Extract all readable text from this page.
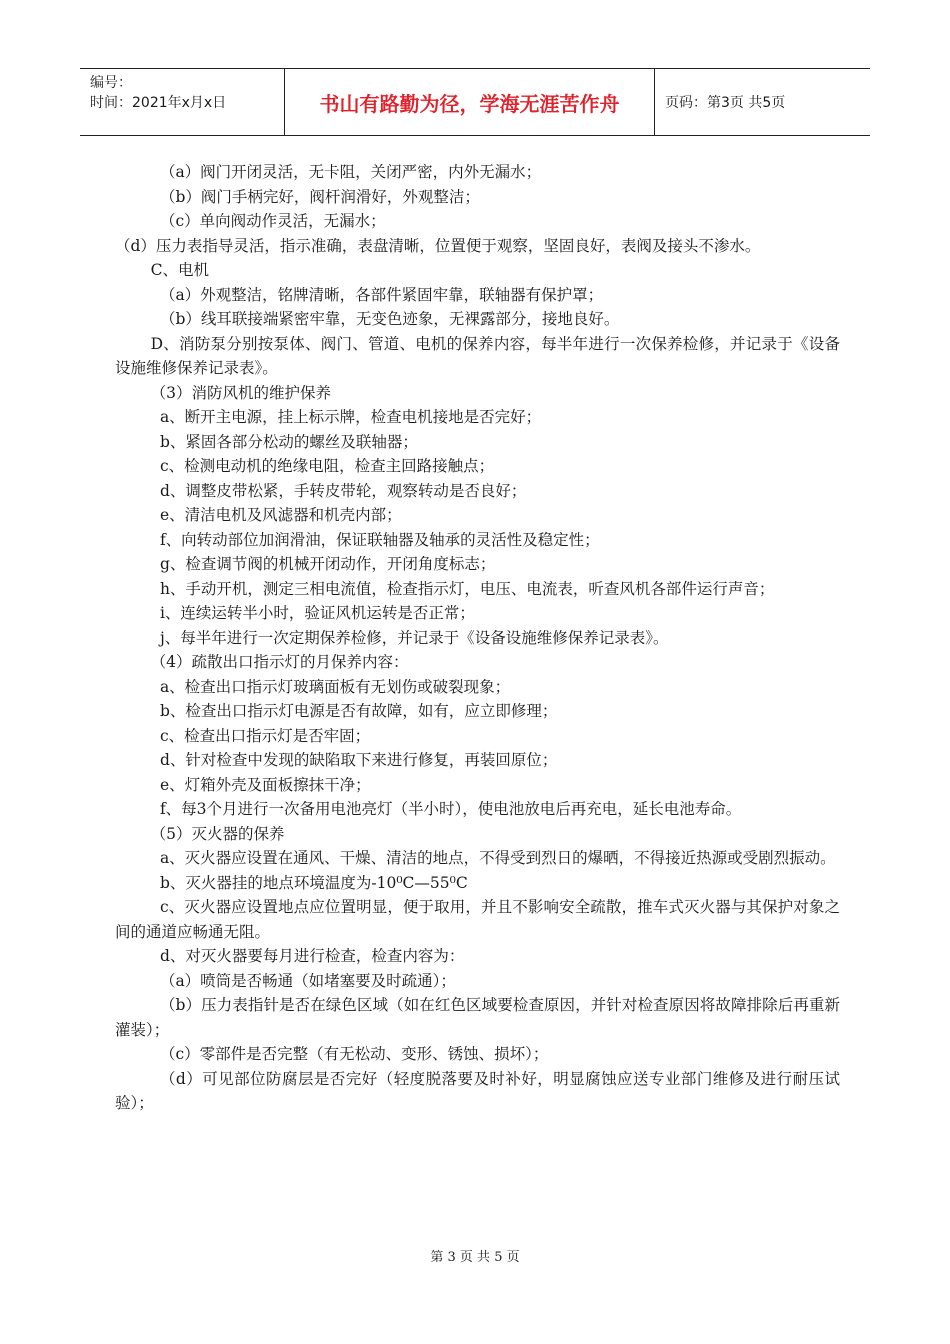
编号：
时间：2021年x月x日	书山有路勤为径，学海无涯苦作舟	页码：第3页 共5页

（a）阀门开闭灵活，无卡阻，关闭严密，内外无漏水；

（b）阀门手柄完好，阀杆润滑好，外观整洁；

（c）单向阀动作灵活，无漏水；

（d）压力表指导灵活，指示准确，表盘清晰，位置便于观察，坚固良好，表阀及接头不渗水。

C、电机

（a）外观整洁，铭牌清晰，各部件紧固牢靠，联轴器有保护罩；

（b）线耳联接端紧密牢靠，无变色迹象，无裸露部分，接地良好。

D、消防泵分别按泵体、阀门、管道、电机的保养内容，每半年进行一次保养检修，并记录于《设备设施维修保养记录表》。

（3）消防风机的维护保养

a、断开主电源，挂上标示牌，检查电机接地是否完好；

b、紧固各部分松动的螺丝及联轴器；

c、检测电动机的绝缘电阻，检查主回路接触点；

d、调整皮带松紧，手转皮带轮，观察转动是否良好；

e、清洁电机及风滤器和机壳内部；

f、向转动部位加润滑油，保证联轴器及轴承的灵活性及稳定性；

g、检查调节阀的机械开闭动作，开闭角度标志；

h、手动开机，测定三相电流值，检查指示灯，电压、电流表，听查风机各部件运行声音；

i、连续运转半小时，验证风机运转是否正常；

j、每半年进行一次定期保养检修，并记录于《设备设施维修保养记录表》。

（4）疏散出口指示灯的月保养内容：

a、检查出口指示灯玻璃面板有无划伤或破裂现象；

b、检查出口指示灯电源是否有故障，如有，应立即修理；

c、检查出口指示灯是否牢固；

d、针对检查中发现的缺陷取下来进行修复，再装回原位；

e、灯箱外壳及面板擦抹干净；

f、每3个月进行一次备用电池亮灯（半小时），使电池放电后再充电，延长电池寿命。

（5）灭火器的保养

a、灭火器应设置在通风、干燥、清洁的地点，不得受到烈日的爆晒，不得接近热源或受剧烈振动。

b、灭火器挂的地点环境温度为-10⁰C—55⁰C

c、灭火器应设置地点应位置明显，便于取用，并且不影响安全疏散，推车式灭火器与其保护对象之间的通道应畅通无阻。

d、对灭火器要每月进行检查，检查内容为：

（a）喷筒是否畅通（如堵塞要及时疏通）；

（b）压力表指针是否在绿色区域（如在红色区域要检查原因，并针对检查原因将故障排除后再重新灌装）；

（c）零部件是否完整（有无松动、变形、锈蚀、损坏）；

（d）可见部位防腐层是否完好（轻度脱落要及时补好，明显腐蚀应送专业部门维修及进行耐压试验）；

第 3 页 共 5 页
